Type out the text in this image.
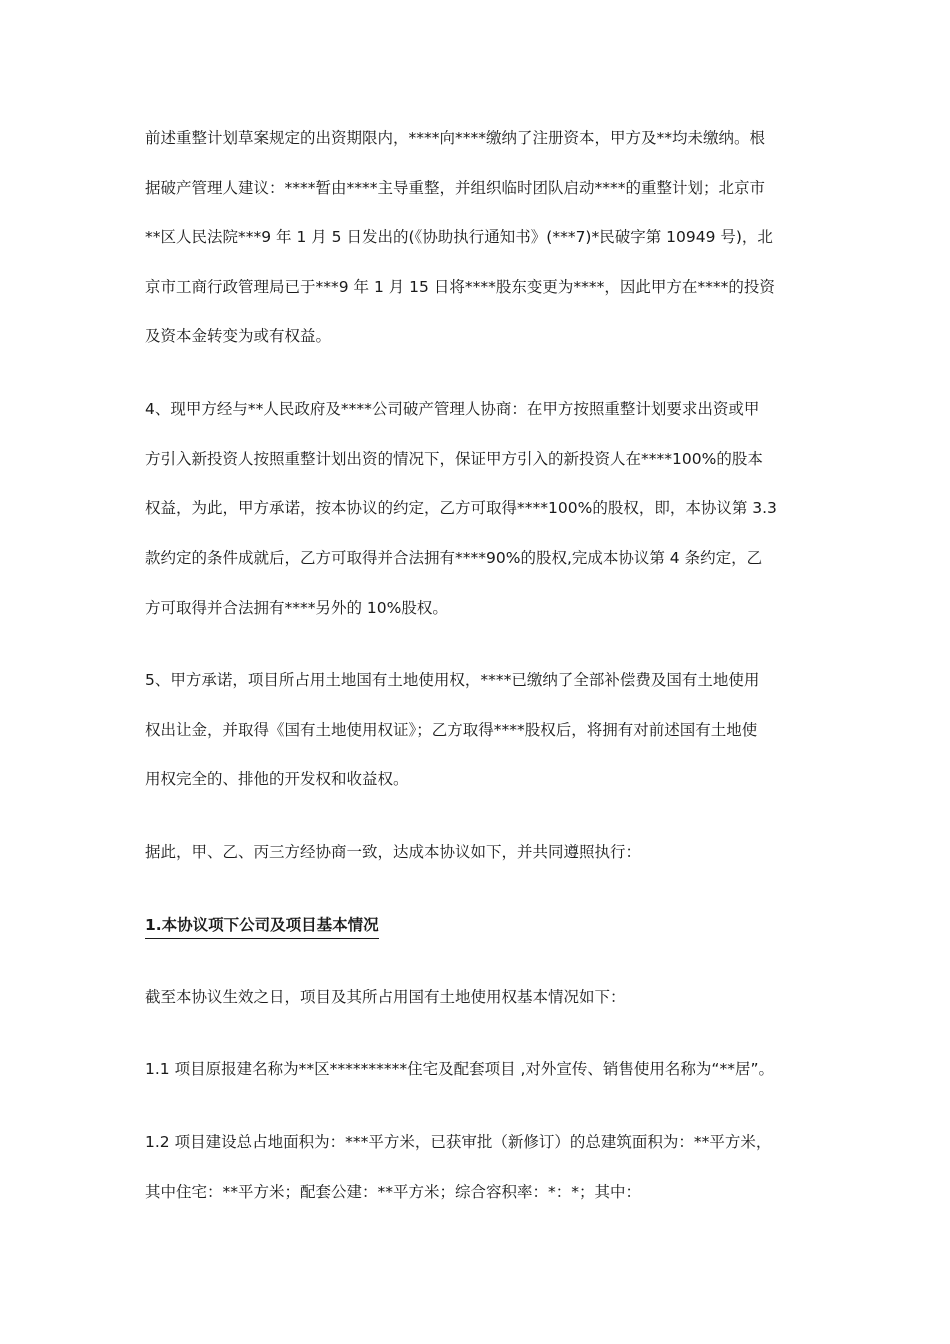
前述重整计划草案规定的出资期限内，****向****缴纳了注册资本，甲方及**均未缴纳。根
据破产管理人建议：****暂由****主导重整，并组织临时团队启动****的重整计划；北京市
**区人民法院***9 年 1 月 5 日发出的(《协助执行通知书》(***7)*民破字第 10949 号)，北
京市工商行政管理局已于***9 年 1 月 15 日将****股东变更为****，因此甲方在****的投资
及资本金转变为或有权益。
4、现甲方经与**人民政府及****公司破产管理人协商：在甲方按照重整计划要求出资或甲
方引入新投资人按照重整计划出资的情况下，保证甲方引入的新投资人在****100%的股本
权益，为此，甲方承诺，按本协议的约定，乙方可取得****100%的股权，即，本协议第 3.3
款约定的条件成就后，乙方可取得并合法拥有****90%的股权,完成本协议第 4 条约定，乙
方可取得并合法拥有****另外的 10%股权。
5、甲方承诺，项目所占用土地国有土地使用权，****已缴纳了全部补偿费及国有土地使用
权出让金，并取得《国有土地使用权证》；乙方取得****股权后，将拥有对前述国有土地使
用权完全的、排他的开发权和收益权。
据此，甲、乙、丙三方经协商一致，达成本协议如下，并共同遵照执行：
1.本协议项下公司及项目基本情况
截至本协议生效之日，项目及其所占用国有土地使用权基本情况如下：
1.1 项目原报建名称为**区**********住宅及配套项目 ,对外宣传、销售使用名称为“**居”。
1.2 项目建设总占地面积为：***平方米，已获审批（新修订）的总建筑面积为：**平方米，
其中住宅：**平方米；配套公建：**平方米；综合容积率：*：*；其中：
